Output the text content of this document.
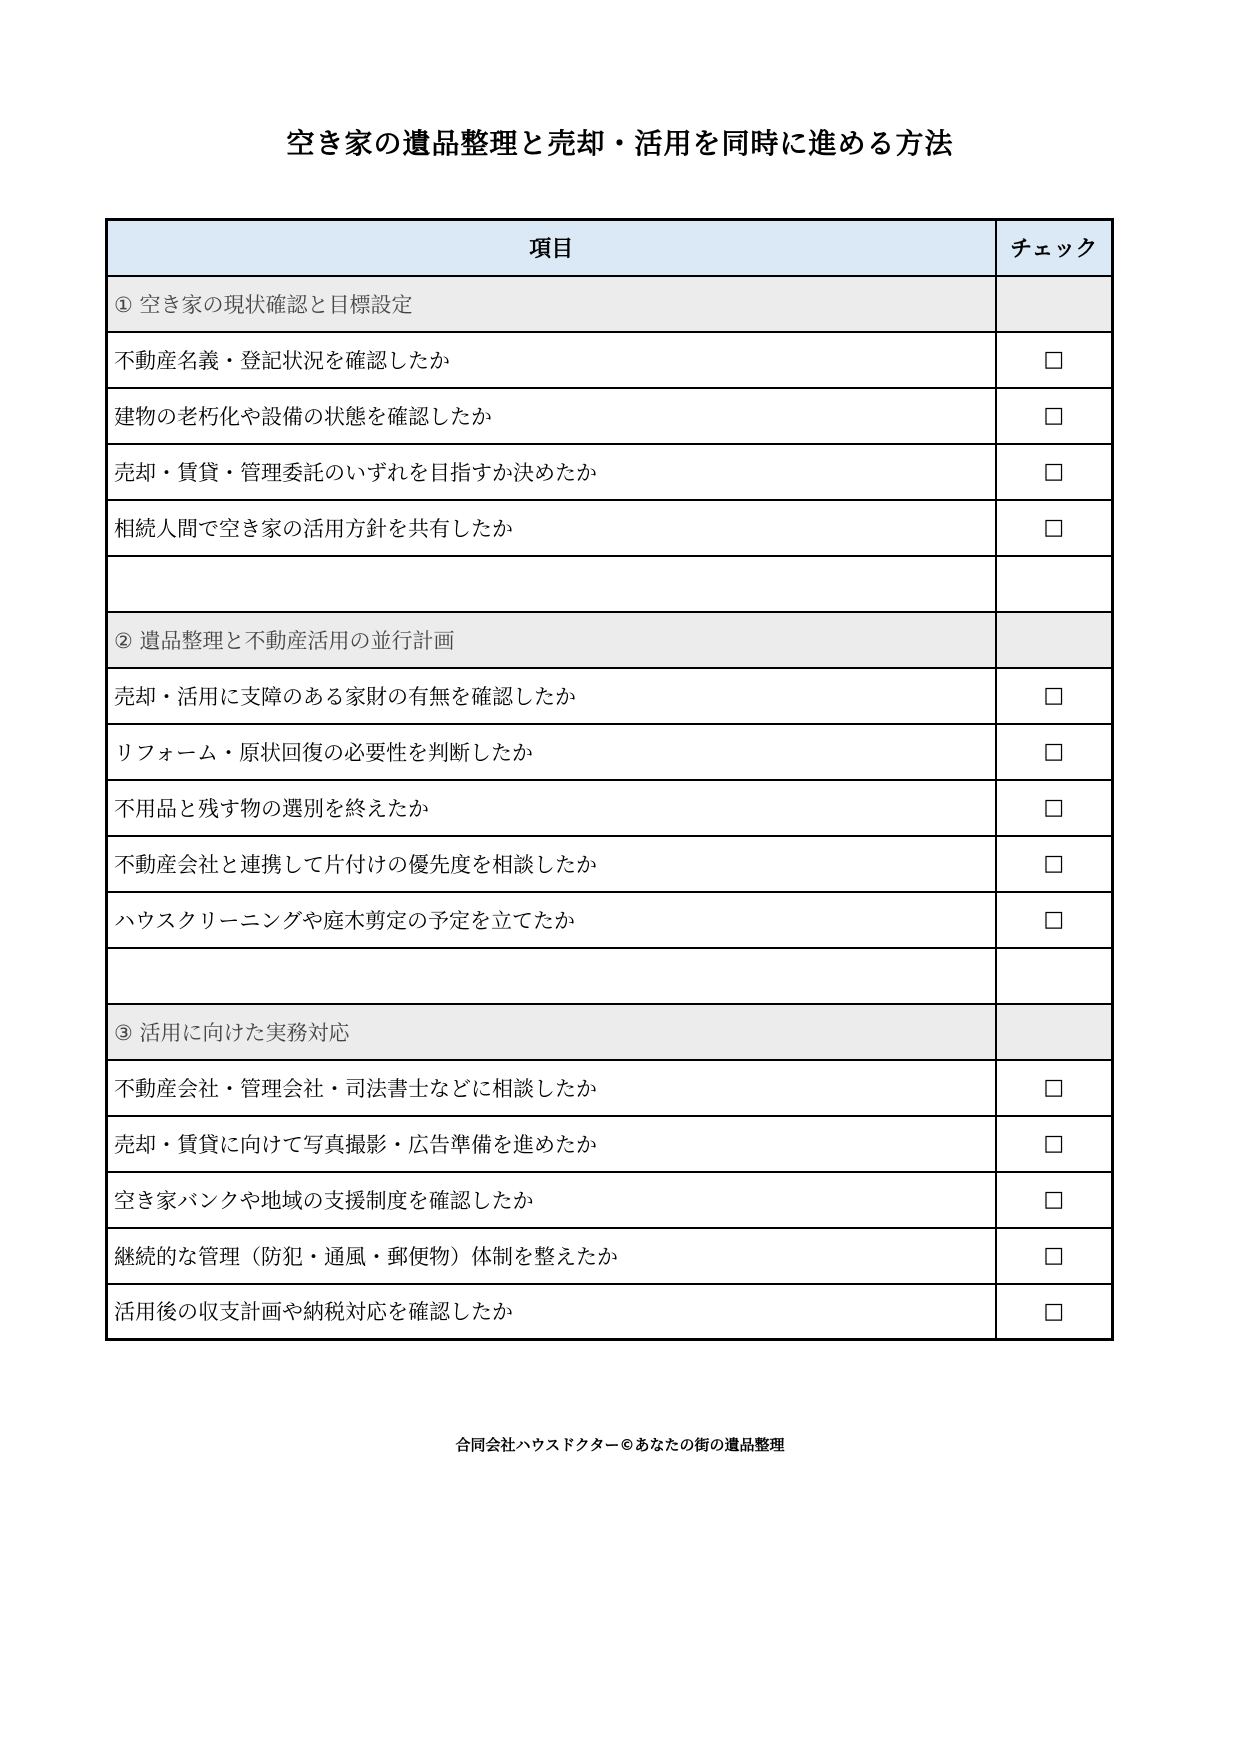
空き家の遺品整理と売却・活用を同時に進める方法
項目	チェック
① 空き家の現状確認と目標設定	
不動産名義・登記状況を確認したか	□
建物の老朽化や設備の状態を確認したか	□
売却・賃貸・管理委託のいずれを目指すか決めたか	□
相続人間で空き家の活用方針を共有したか	□

② 遺品整理と不動産活用の並行計画	
売却・活用に支障のある家財の有無を確認したか	□
リフォーム・原状回復の必要性を判断したか	□
不用品と残す物の選別を終えたか	□
不動産会社と連携して片付けの優先度を相談したか	□
ハウスクリーニングや庭木剪定の予定を立てたか	□

③ 活用に向けた実務対応	
不動産会社・管理会社・司法書士などに相談したか	□
売却・賃貸に向けて写真撮影・広告準備を進めたか	□
空き家バンクや地域の支援制度を確認したか	□
継続的な管理（防犯・通風・郵便物）体制を整えたか	□
活用後の収支計画や納税対応を確認したか	□
合同会社ハウスドクター©あなたの街の遺品整理
